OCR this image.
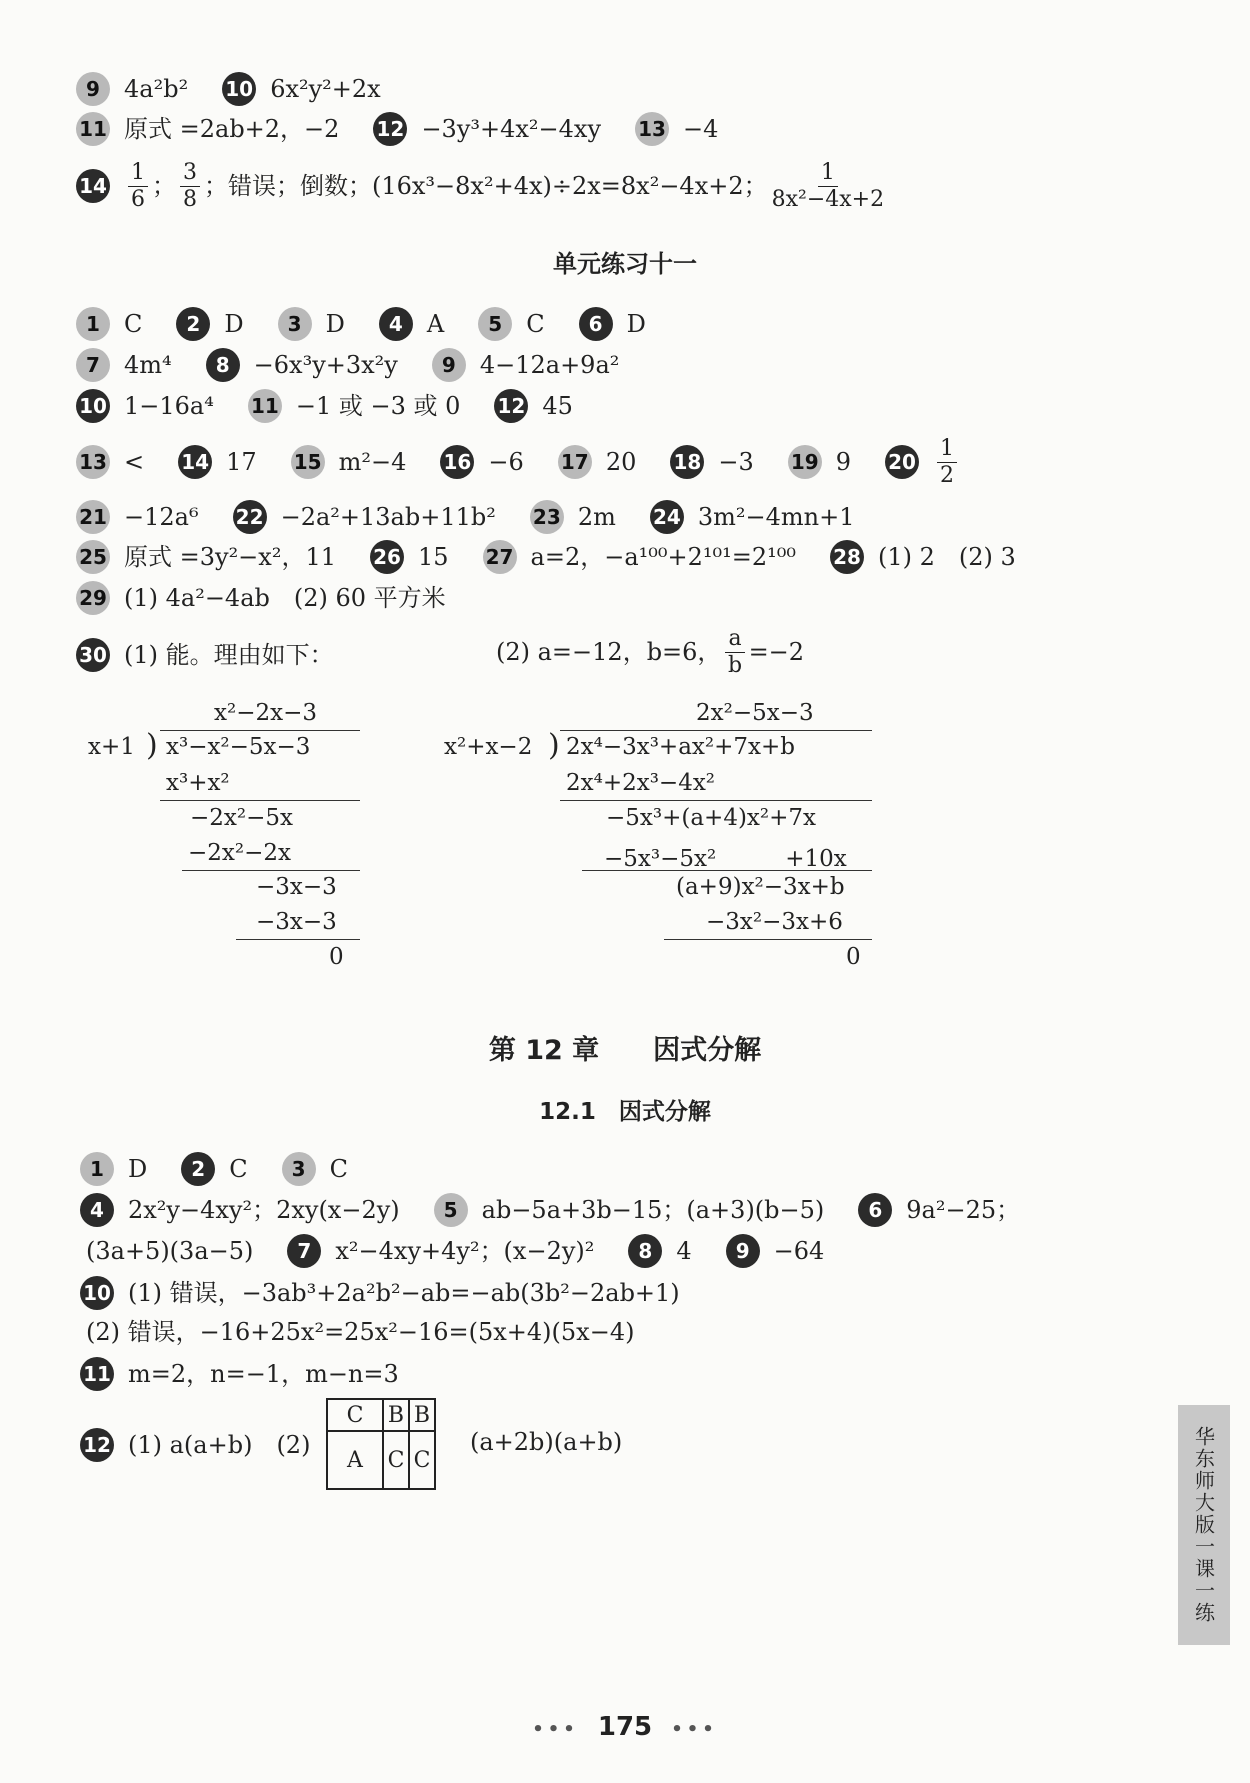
9	4a²b² 10 6x²y²+2x
11 原式 =2ab+2，−2 12 −3y³+4x²−4xy 13 −4
$14 \frac{1}{6}$ ； $\frac{3}{8}$ ；错误；倒数；(16x³−8x²+4x)÷2x=8x²−4x+2； $\frac{1}{\text{8x²−4x+2}}$
单元练习十一
1	C	2	D	3	D	4	A	5	C	6	D
7	4m⁴	8	−6x³y+3x²y	9	4−12a+9a²
10 1−16a⁴ 11 −1 或 −3 或 0 12 45
13 < 14 17 15 m²−4 16 −6 17 20 18 −3 19 9 $20 \frac{1}{2}$
21 −12a⁶ 22 −2a²+13ab+11b² 23 2m 24 3m²−4mn+1
25 原式 =3y²−x²，11 26 15 27 a=2，−a¹⁰⁰+2¹⁰¹=2¹⁰⁰ 28 (1) 2　(2) 3
29 (1) 4a²−4ab　(2) 60 平方米
30 (1) 能。理由如下：	(2) a=−12，b=6， $\frac{a}{b} =-2$
x²−2x−3
x+1 ) x³−x²−5x−3
x³+x²
−2x²−5x
−2x²−2x
−3x−3
−3x−3
0
2x²−5x−3
x²+x−2 ) 2x⁴−3x³+ax²+7x+b
2x⁴+2x³−4x²
−5x³+(a+4)x²+7x
−5x³−5x²　　　+10x
(a+9)x²−3x+b
−3x²−3x+6
0
第 12 章　　因式分解
12.1　因式分解
1	D	2	C	3	C
4	2x²y−4xy²；2xy(x−2y)	5	ab−5a+3b−15；(a+3)(b−5)	6	9a²−25；
(3a+5)(3a−5)	7	x²−4xy+4y²；(x−2y)²	8	4	9	−64
10 (1) 错误，−3ab³+2a²b²−ab=−ab(3b²−2ab+1)
(2) 错误，−16+25x²=25x²−16=(5x+4)(5x−4)
11 m=2，n=−1，m−n=3
12 (1) a(a+b)　(2)	(a+2b)(a+b)
C	B	B
A	C	C	华东师大版一课一练
••• 175 •••
